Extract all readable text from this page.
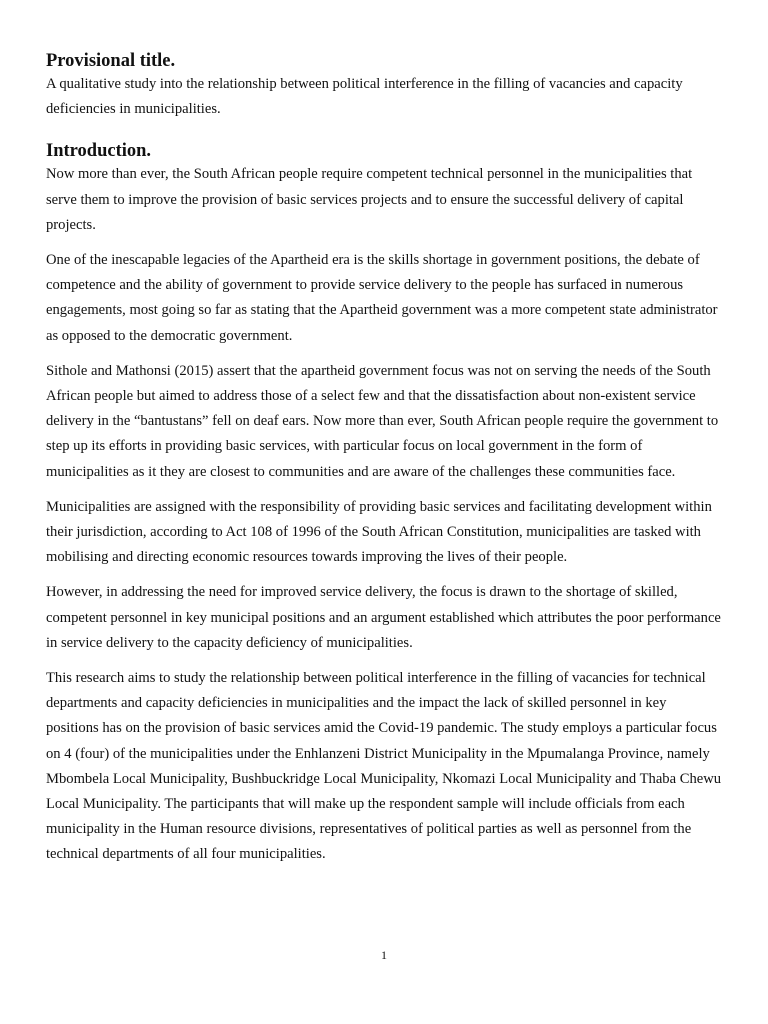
Provisional title.

A qualitative study into the relationship between political interference in the filling of vacancies and capacity deficiencies in municipalities.

Introduction.

Now more than ever, the South African people require competent technical personnel in the municipalities that serve them to improve the provision of basic services projects and to ensure the successful delivery of capital projects.

One of the inescapable legacies of the Apartheid era is the skills shortage in government positions, the debate of competence and the ability of government to provide service delivery to the people has surfaced in numerous engagements, most going so far as stating that the Apartheid government was a more competent state administrator as opposed to the democratic government.

Sithole and Mathonsi (2015) assert that the apartheid government focus was not on serving the needs of the South African people but aimed to address those of a select few and that the dissatisfaction about non-existent service delivery in the “bantustans” fell on deaf ears. Now more than ever, South African people require the government to step up its efforts in providing basic services, with particular focus on local government in the form of municipalities as it they are closest to communities and are aware of the challenges these communities face.

Municipalities are assigned with the responsibility of providing basic services and facilitating development within their jurisdiction, according to Act 108 of 1996 of the South African Constitution, municipalities are tasked with mobilising and directing economic resources towards improving the lives of their people.

However, in addressing the need for improved service delivery, the focus is drawn to the shortage of skilled, competent personnel in key municipal positions and an argument established which attributes the poor performance in service delivery to the capacity deficiency of municipalities.

This research aims to study the relationship between political interference in the filling of vacancies for technical departments and capacity deficiencies in municipalities and the impact the lack of skilled personnel in key positions has on the provision of basic services amid the Covid-19 pandemic. The study employs a particular focus on 4 (four) of the municipalities under the Enhlanzeni District Municipality in the Mpumalanga Province, namely Mbombela Local Municipality, Bushbuckridge Local Municipality, Nkomazi Local Municipality and Thaba Chewu Local Municipality. The participants that will make up the respondent sample will include officials from each municipality in the Human resource divisions, representatives of political parties as well as personnel from the technical departments of all four municipalities.

1
